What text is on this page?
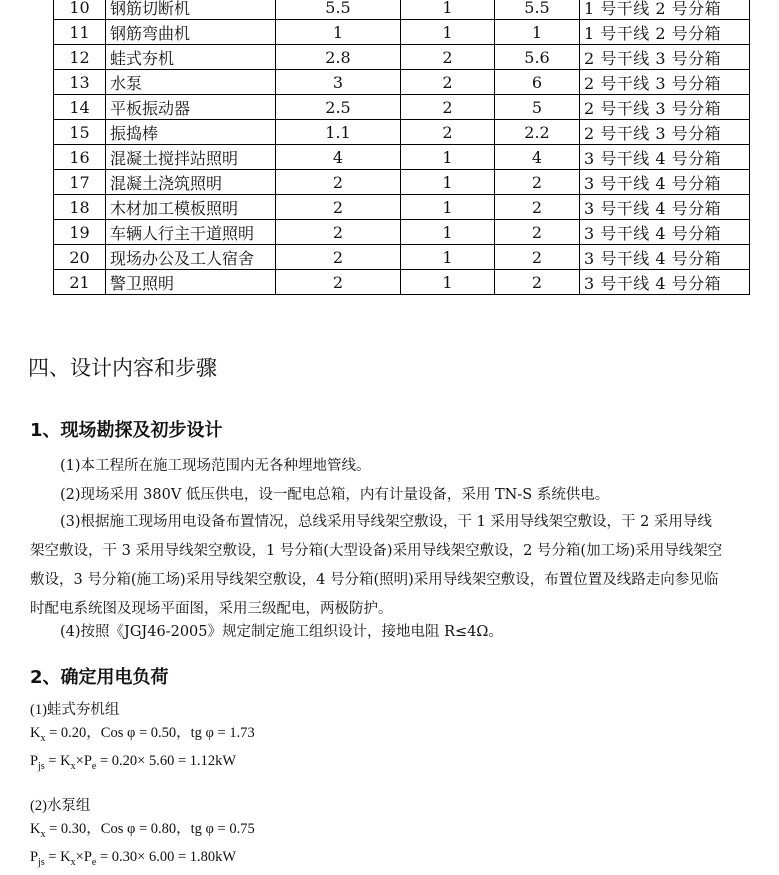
10	钢筋切断机	5.5	1	5.5	1 号干线 2 号分箱
11	钢筋弯曲机	1	1	1	1 号干线 2 号分箱
12	蛙式夯机	2.8	2	5.6	2 号干线 3 号分箱
13	水泵	3	2	6	2 号干线 3 号分箱
14	平板振动器	2.5	2	5	2 号干线 3 号分箱
15	振捣棒	1.1	2	2.2	2 号干线 3 号分箱
16	混凝土搅拌站照明	4	1	4	3 号干线 4 号分箱
17	混凝土浇筑照明	2	1	2	3 号干线 4 号分箱
18	木材加工模板照明	2	1	2	3 号干线 4 号分箱
19	车辆人行主干道照明	2	1	2	3 号干线 4 号分箱
20	现场办公及工人宿舍	2	1	2	3 号干线 4 号分箱
21	警卫照明	2	1	2	3 号干线 4 号分箱
四、设计内容和步骤
1、现场勘探及初步设计
(1)本工程所在施工现场范围内无各种埋地管线。
(2)现场采用 380V 低压供电，设一配电总箱，内有计量设备，采用 TN-S 系统供电。
(3)根据施工现场用电设备布置情况，总线采用导线架空敷设，干 1 采用导线架空敷设，干 2 采用导线
架空敷设，干 3 采用导线架空敷设，1 号分箱(大型设备)采用导线架空敷设，2 号分箱(加工场)采用导线架空
敷设，3 号分箱(施工场)采用导线架空敷设，4 号分箱(照明)采用导线架空敷设，布置位置及线路走向参见临
时配电系统图及现场平面图，采用三级配电，两极防护。
(4)按照《JGJ46-2005》规定制定施工组织设计，接地电阻 R≤4Ω。
2、确定用电负荷
(1)蛙式夯机组
$K_x = 0.20$，Cos φ = 0.50，tg φ = 1.73
$P_{js} = K_x\times P_e = 0.20\times 5.60 = 1.12kW$
(2)水泵组
$K_x = 0.30$，Cos φ = 0.80，tg φ = 0.75
$P_{js} = K_x\times P_e = 0.30\times 6.00 = 1.80kW$
